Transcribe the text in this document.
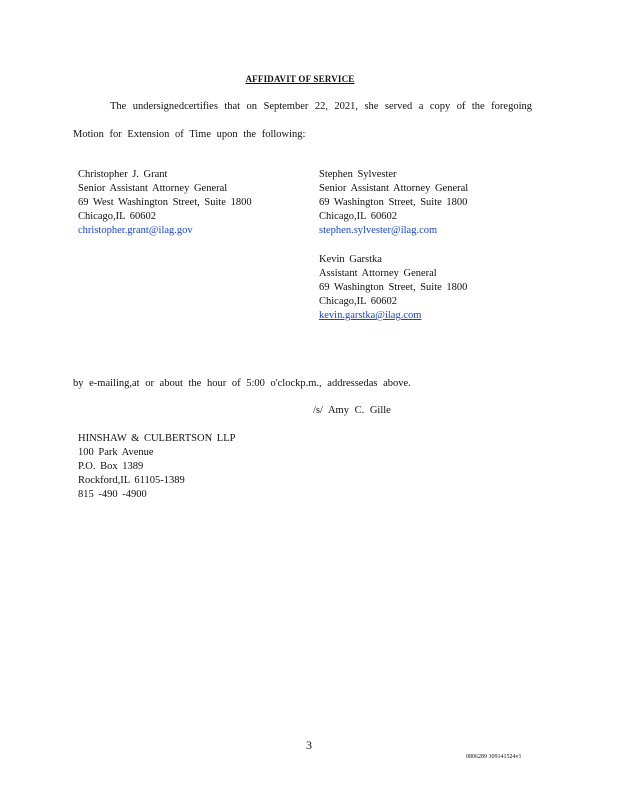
AFFIDAVIT OF SERVICE
The undersignedcertifies that on September 22, 2021, she served a copy of the foregoing
Motion for Extension of Time upon the following:
Christopher J. Grant
Senior Assistant Attorney General
69 West Washington Street, Suite 1800
Chicago,IL 60602
christopher.grant@ilag.gov
Stephen Sylvester
Senior Assistant Attorney General
69 Washington Street, Suite 1800
Chicago,IL 60602
stephen.sylvester@ilag.com
Kevin Garstka
Assistant Attorney General
69 Washington Street, Suite 1800
Chicago,IL 60602
kevin.garstka@ilag.com
by e-mailing,at or about the hour of 5:00 o'clockp.m., addressedas above.
/s/ Amy C. Gille
HINSHAW & CULBERTSON LLP
100 Park Avenue
P.O. Box 1389
Rockford,IL 61105-1389
815 -490 -4900
3
0806289 309141524v1
